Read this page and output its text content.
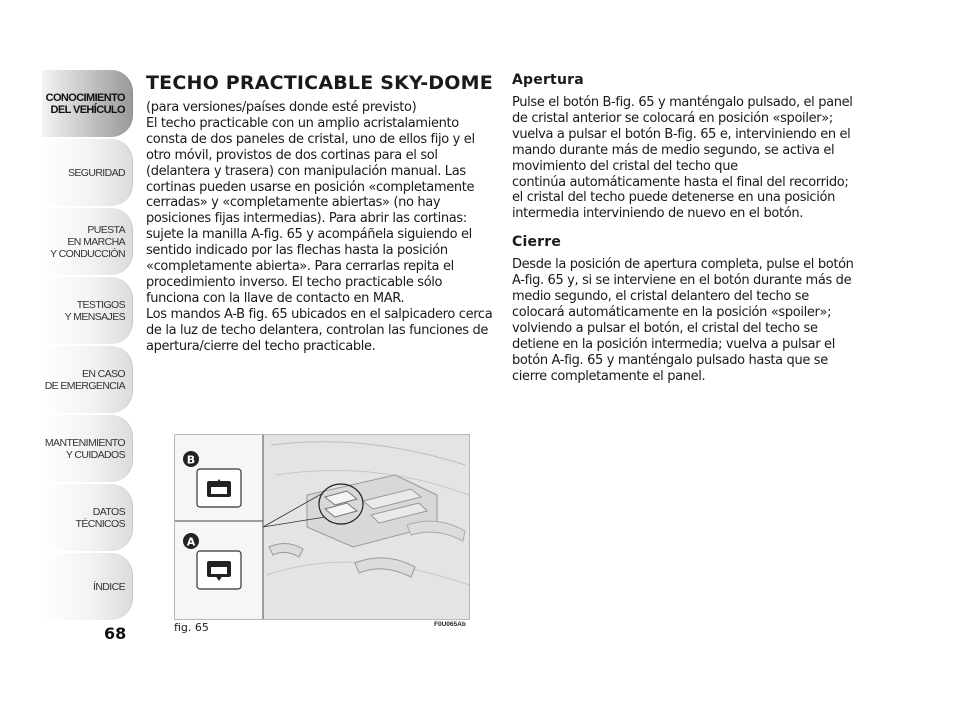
CONOCIMIENTO
DEL VEHÍCULO
SEGURIDAD
PUESTA
EN MARCHA
Y CONDUCCIÓN
TESTIGOS
Y MENSAJES
EN CASO
DE EMERGENCIA
MANTENIMIENTO
Y CUIDADOS
DATOS TÉCNICOS
ÍNDICE
68
TECHO PRACTICABLE SKY-DOME

(para versiones/países donde esté previsto)

El techo practicable con un amplio acristalamiento
consta de dos paneles de cristal, uno de ellos fijo y el
otro móvil, provistos de dos cortinas para el sol
(delantera y trasera) con manipulación manual. Las
cortinas pueden usarse en posición «completamente
cerradas» y «completamente abiertas» (no hay
posiciones fijas intermedias). Para abrir las cortinas:
sujete la manilla A-fig. 65 y acompáñela siguiendo el
sentido indicado por las flechas hasta la posición
«completamente abierta». Para cerrarlas repita el
procedimiento inverso. El techo practicable sólo
funciona con la llave de contacto en MAR.
Los mandos A-B fig. 65 ubicados en el salpicadero cerca
de la luz de techo delantera, controlan las funciones de
apertura/cierre del techo practicable.

Apertura

Pulse el botón B-fig. 65 y manténgalo pulsado, el panel
de cristal anterior se colocará en posición «spoiler»;
vuelva a pulsar el botón B-fig. 65 e, interviniendo en el
mando durante más de medio segundo, se activa el
movimiento del cristal del techo que
continúa automáticamente hasta el final del recorrido;
el cristal del techo puede detenerse en una posición
intermedia interviniendo de nuevo en el botón.

Cierre

Desde la posición de apertura completa, pulse el botón
A-fig. 65 y, si se interviene en el botón durante más de
medio segundo, el cristal delantero del techo se
colocará automáticamente en la posición «spoiler»;
volviendo a pulsar el botón, el cristal del techo se
detiene en la posición intermedia; vuelva a pulsar el
botón A-fig. 65 y manténgalo pulsado hasta que se
cierre completamente el panel.

B
A
fig. 65	F0U065Ab
